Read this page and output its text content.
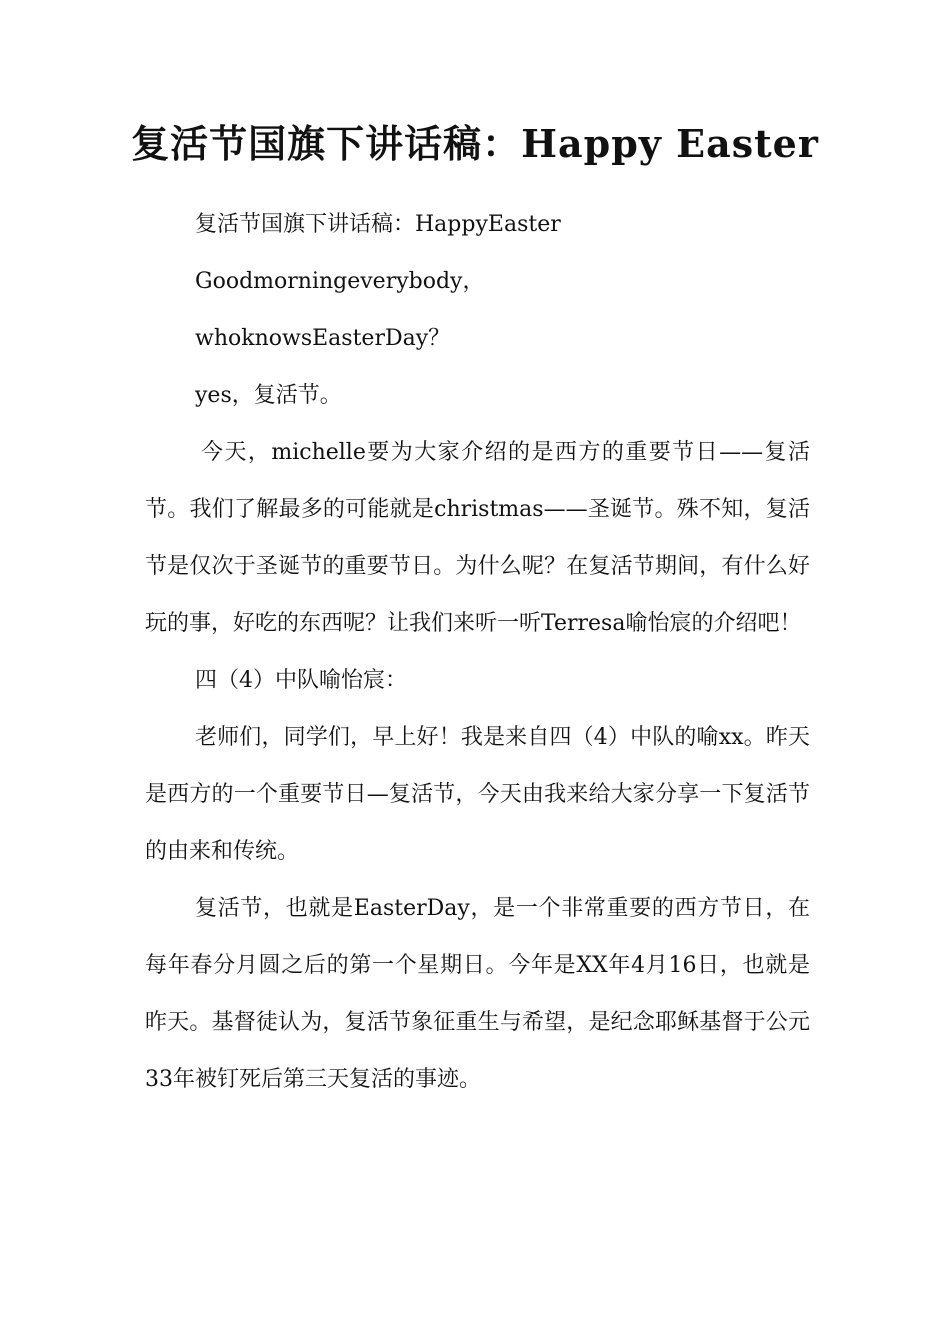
复活节国旗下讲话稿：Happy Easter

复活节国旗下讲话稿：HappyEaster

Goodmorningeverybody，

whoknowsEasterDay？

yes，复活节。

今天，michelle要为大家介绍的是西方的重要节日——复活节。我们了解最多的可能就是christmas——圣诞节。殊不知，复活节是仅次于圣诞节的重要节日。为什么呢？在复活节期间，有什么好玩的事，好吃的东西呢？让我们来听一听Terresa喻怡宸的介绍吧！

四（4）中队喻怡宸：

老师们，同学们，早上好！我是来自四（4）中队的喻xx。昨天是西方的一个重要节日—复活节，今天由我来给大家分享一下复活节的由来和传统。

复活节，也就是EasterDay，是一个非常重要的西方节日，在每年春分月圆之后的第一个星期日。今年是XX年4月16日，也就是昨天。基督徒认为，复活节象征重生与希望，是纪念耶稣基督于公元33年被钉死后第三天复活的事迹。
